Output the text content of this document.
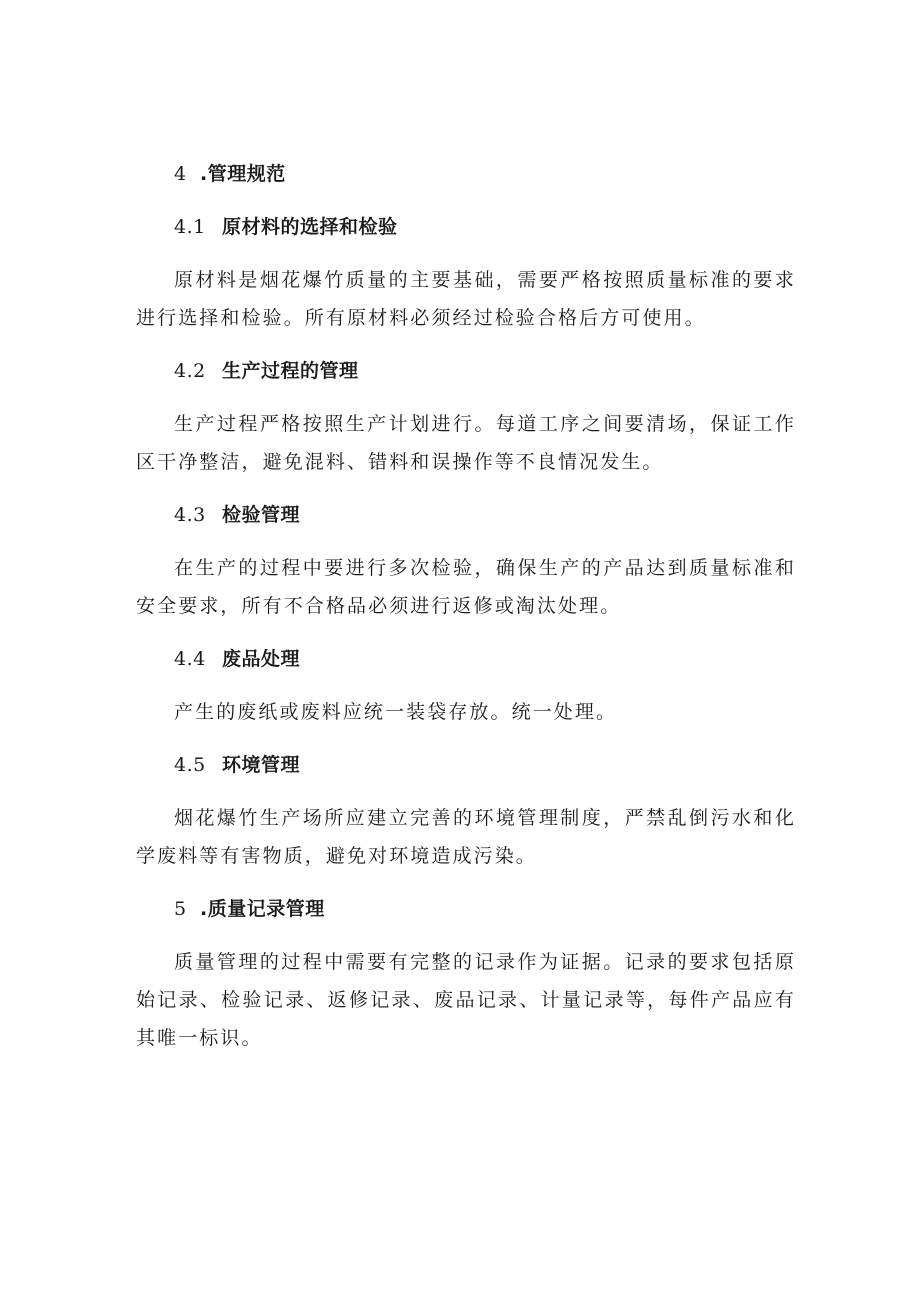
4 .管理规范
4.1 原材料的选择和检验

原材料是烟花爆竹质量的主要基础，需要严格按照质量标准的要求进行选择和检验。所有原材料必须经过检验合格后方可使用。

4.2 生产过程的管理

生产过程严格按照生产计划进行。每道工序之间要清场，保证工作区干净整洁，避免混料、错料和误操作等不良情况发生。

4.3 检验管理

在生产的过程中要进行多次检验，确保生产的产品达到质量标准和安全要求，所有不合格品必须进行返修或淘汰处理。

4.4 废品处理

产生的废纸或废料应统一装袋存放。统一处理。

4.5 环境管理

烟花爆竹生产场所应建立完善的环境管理制度，严禁乱倒污水和化学废料等有害物质，避免对环境造成污染。

5 .质量记录管理

质量管理的过程中需要有完整的记录作为证据。记录的要求包括原始记录、检验记录、返修记录、废品记录、计量记录等，每件产品应有其唯一标识。
